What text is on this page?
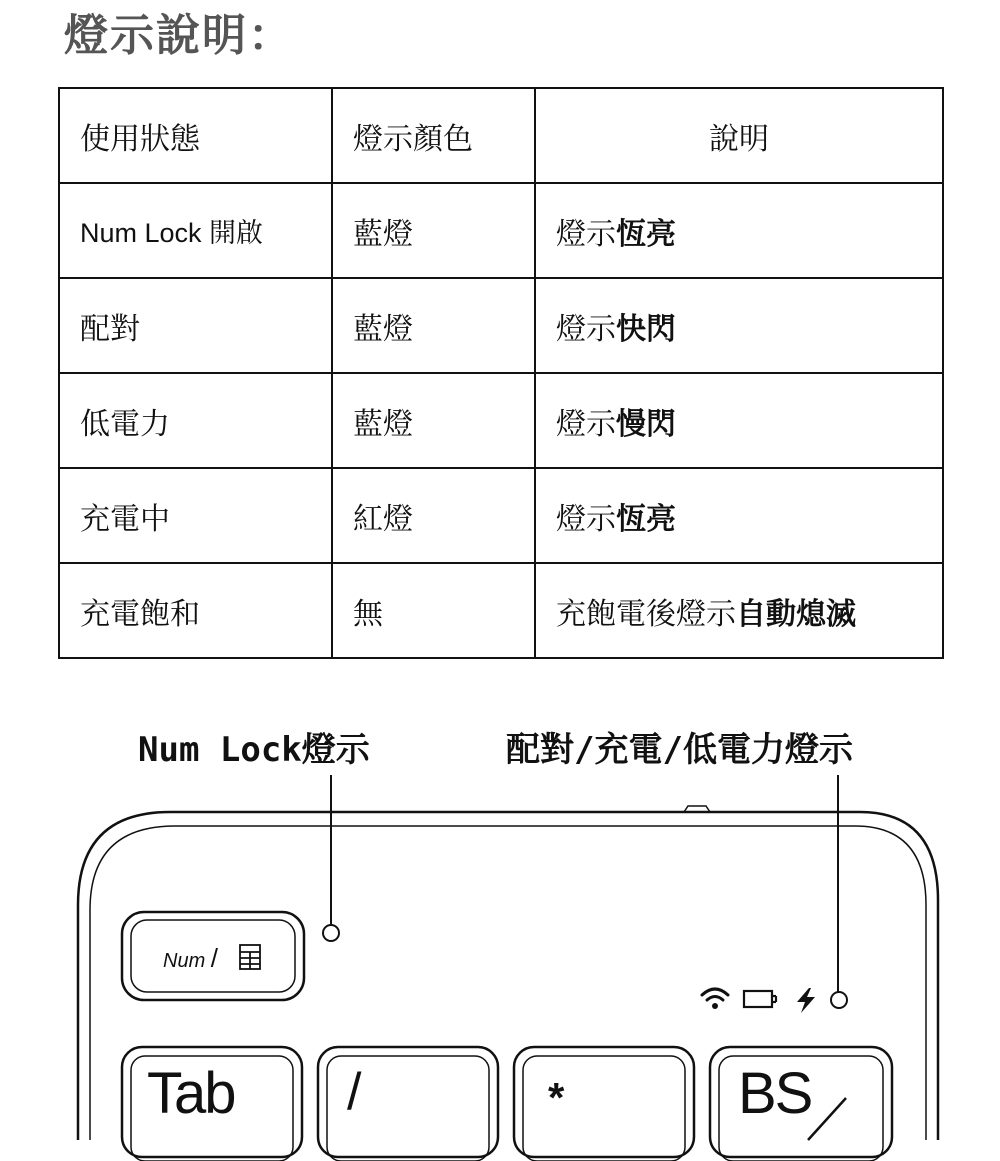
燈示說明：
使用狀態	燈示顏色	說明
Num Lock 開啟	藍燈	燈示恆亮
配對	藍燈	燈示快閃
低電力	藍燈	燈示慢閃
充電中	紅燈	燈示恆亮
充電飽和	無	充飽電後燈示自動熄滅
Num Lock燈示	配對/充電/低電力燈示
Num /
Tab /	*	BS
